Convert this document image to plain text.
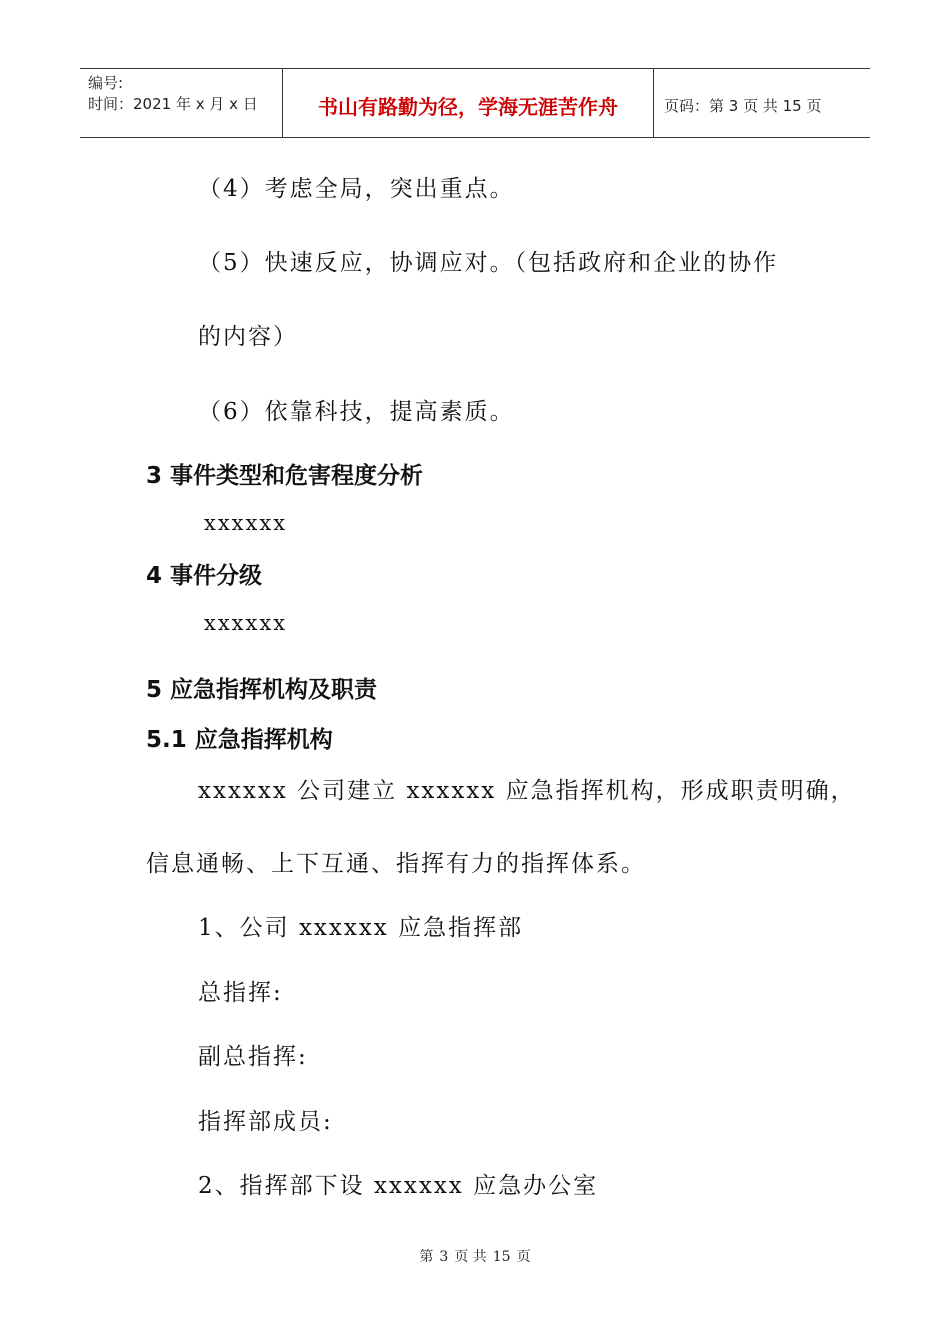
编号:
时间：2021 年 x 月 x 日	书山有路勤为径，学海无涯苦作舟	页码：第 3 页 共 15 页
（4）考虑全局，突出重点。
（5）快速反应，协调应对。（包括政府和企业的协作
的内容）
（6）依靠科技，提高素质。
3 事件类型和危害程度分析
xxxxxx
4 事件分级
xxxxxx
5 应急指挥机构及职责
5.1 应急指挥机构
xxxxxx 公司建立 xxxxxx 应急指挥机构，形成职责明确，
信息通畅、上下互通、指挥有力的指挥体系。
1、公司 xxxxxx 应急指挥部
总指挥:
副总指挥:
指挥部成员:
2、指挥部下设 xxxxxx 应急办公室
第 3 页 共 15 页
